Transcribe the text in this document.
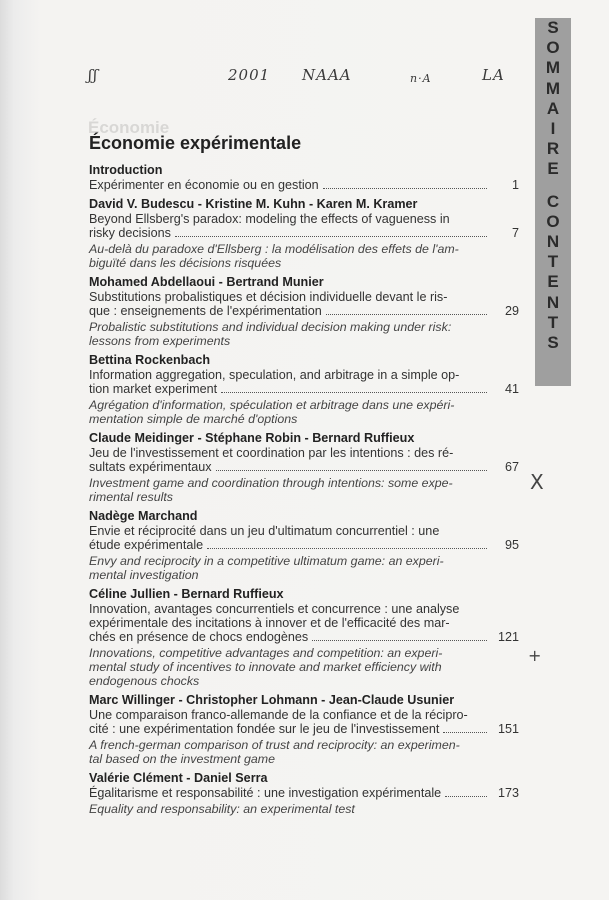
ʃʃ	2001 NAAA	n·A	LA
S
O
M
M
A
I
R
E
C
O
N
T
E
N
T
S
Économie
Économie expérimentale
Introduction
Expérimenter en économie ou en gestion	1
David V. Budescu - Kristine M. Kuhn - Karen M. Kramer
Beyond Ellsberg's paradox: modeling the effects of vagueness in
risky decisions	7
Au-delà du paradoxe d'Ellsberg : la modélisation des effets de l'am-
biguïté dans les décisions risquées
Mohamed Abdellaoui - Bertrand Munier
Substitutions probalistiques et décision individuelle devant le ris-
que : enseignements de l'expérimentation	29
Probalistic substitutions and individual decision making under risk:
lessons from experiments
Bettina Rockenbach
Information aggregation, speculation, and arbitrage in a simple op-
tion market experiment	41
Agrégation d'information, spéculation et arbitrage dans une expéri-
mentation simple de marché d'options
Claude Meidinger - Stéphane Robin - Bernard Ruffieux
Jeu de l'investissement et coordination par les intentions : des ré-
sultats expérimentaux	67
Investment game and coordination through intentions: some expe-
rimental results
Nadège Marchand
Envie et réciprocité dans un jeu d'ultimatum concurrentiel : une
étude expérimentale	95
Envy and reciprocity in a competitive ultimatum game: an experi-
mental investigation
Céline Jullien - Bernard Ruffieux
Innovation, avantages concurrentiels et concurrence : une analyse
expérimentale des incitations à innover et de l'efficacité des mar-
chés en présence de chocs endogènes	121
Innovations, competitive advantages and competition: an experi-
mental study of incentives to innovate and market efficiency with
endogenous chocks
Marc Willinger - Christopher Lohmann - Jean-Claude Usunier
Une comparaison franco-allemande de la confiance et de la récipro-
cité : une expérimentation fondée sur le jeu de l'investissement	151
A french-german comparison of trust and reciprocity: an experimen-
tal based on the investment game
Valérie Clément - Daniel Serra
Égalitarisme et responsabilité : une investigation expérimentale	173
Equality and responsability: an experimental test
X
+
